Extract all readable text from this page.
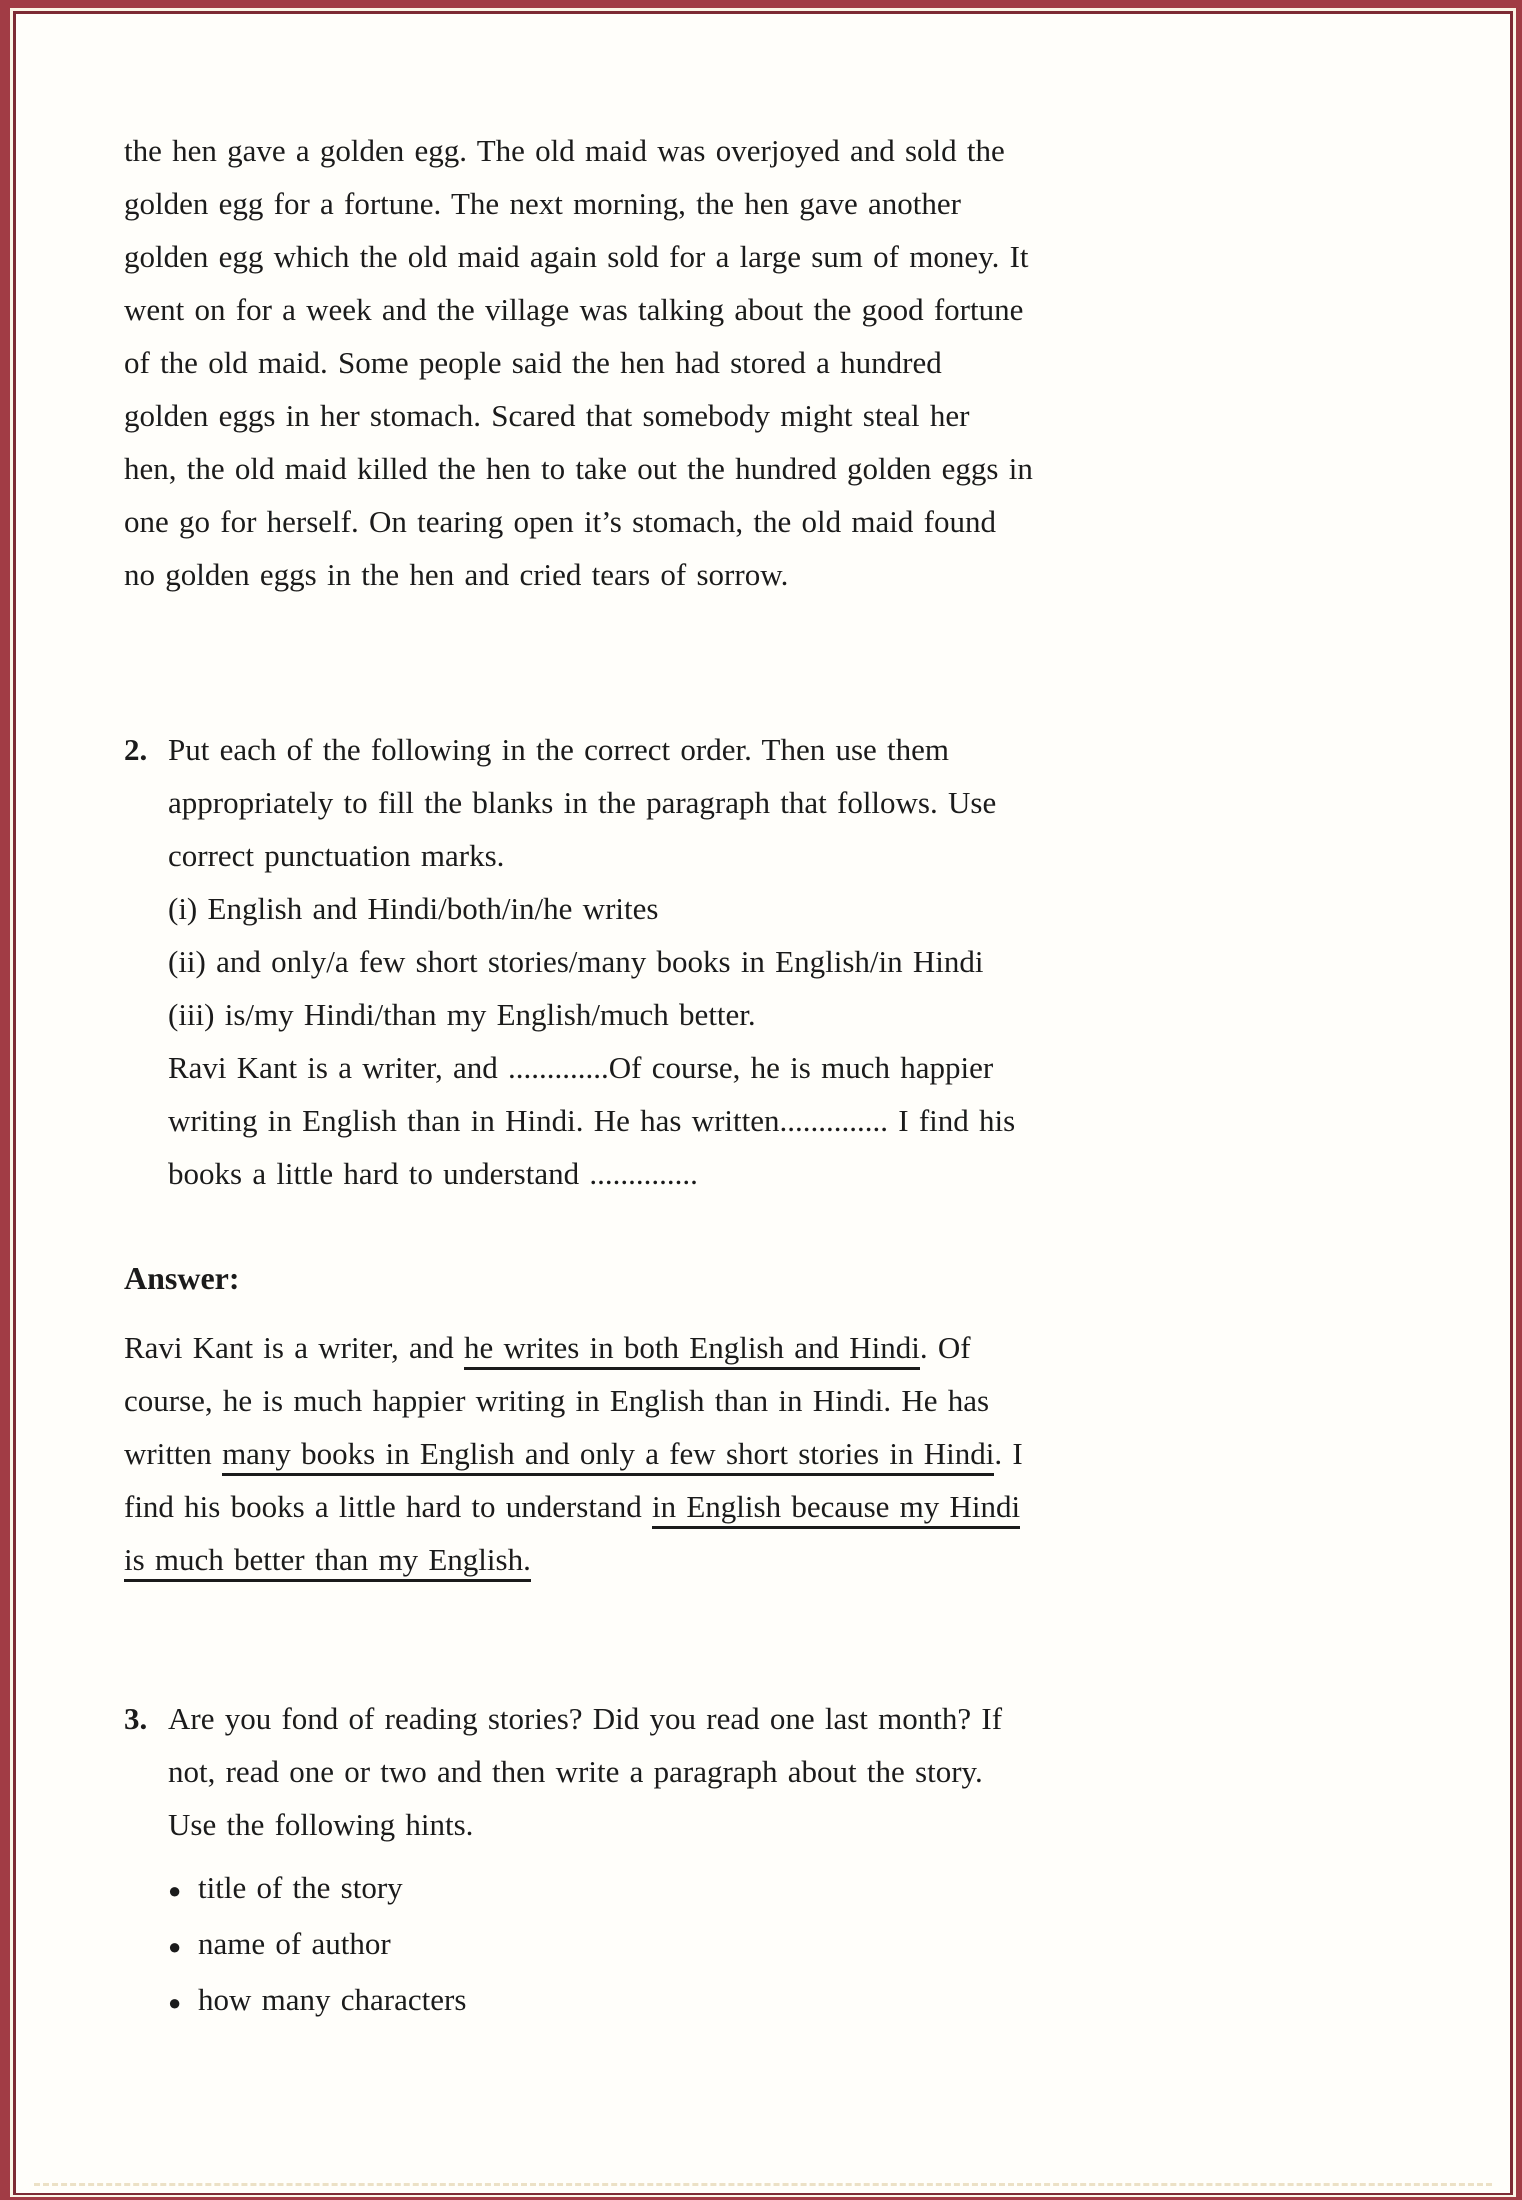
the hen gave a golden egg. The old maid was overjoyed and sold the
golden egg for a fortune. The next morning, the hen gave another
golden egg which the old maid again sold for a large sum of money. It
went on for a week and the village was talking about the good fortune
of the old maid. Some people said the hen had stored a hundred
golden eggs in her stomach. Scared that somebody might steal her
hen, the old maid killed the hen to take out the hundred golden eggs in
one go for herself. On tearing open it’s stomach, the old maid found
no golden eggs in the hen and cried tears of sorrow.
2. Put each of the following in the correct order. Then use them
appropriately to fill the blanks in the paragraph that follows. Use
correct punctuation marks.
(i) English and Hindi/both/in/he writes
(ii) and only/a few short stories/many books in English/in Hindi
(iii) is/my Hindi/than my English/much better.
Ravi Kant is a writer, and .............Of course, he is much happier
writing in English than in Hindi. He has written.............. I find his
books a little hard to understand ..............
Answer:
Ravi Kant is a writer, and he writes in both English and Hindi. Of
course, he is much happier writing in English than in Hindi. He has
written many books in English and only a few short stories in Hindi. I
find his books a little hard to understand in English because my Hindi
is much better than my English.
3. Are you fond of reading stories? Did you read one last month? If
not, read one or two and then write a paragraph about the story.
Use the following hints.
● title of the story
● name of author
● how many characters
